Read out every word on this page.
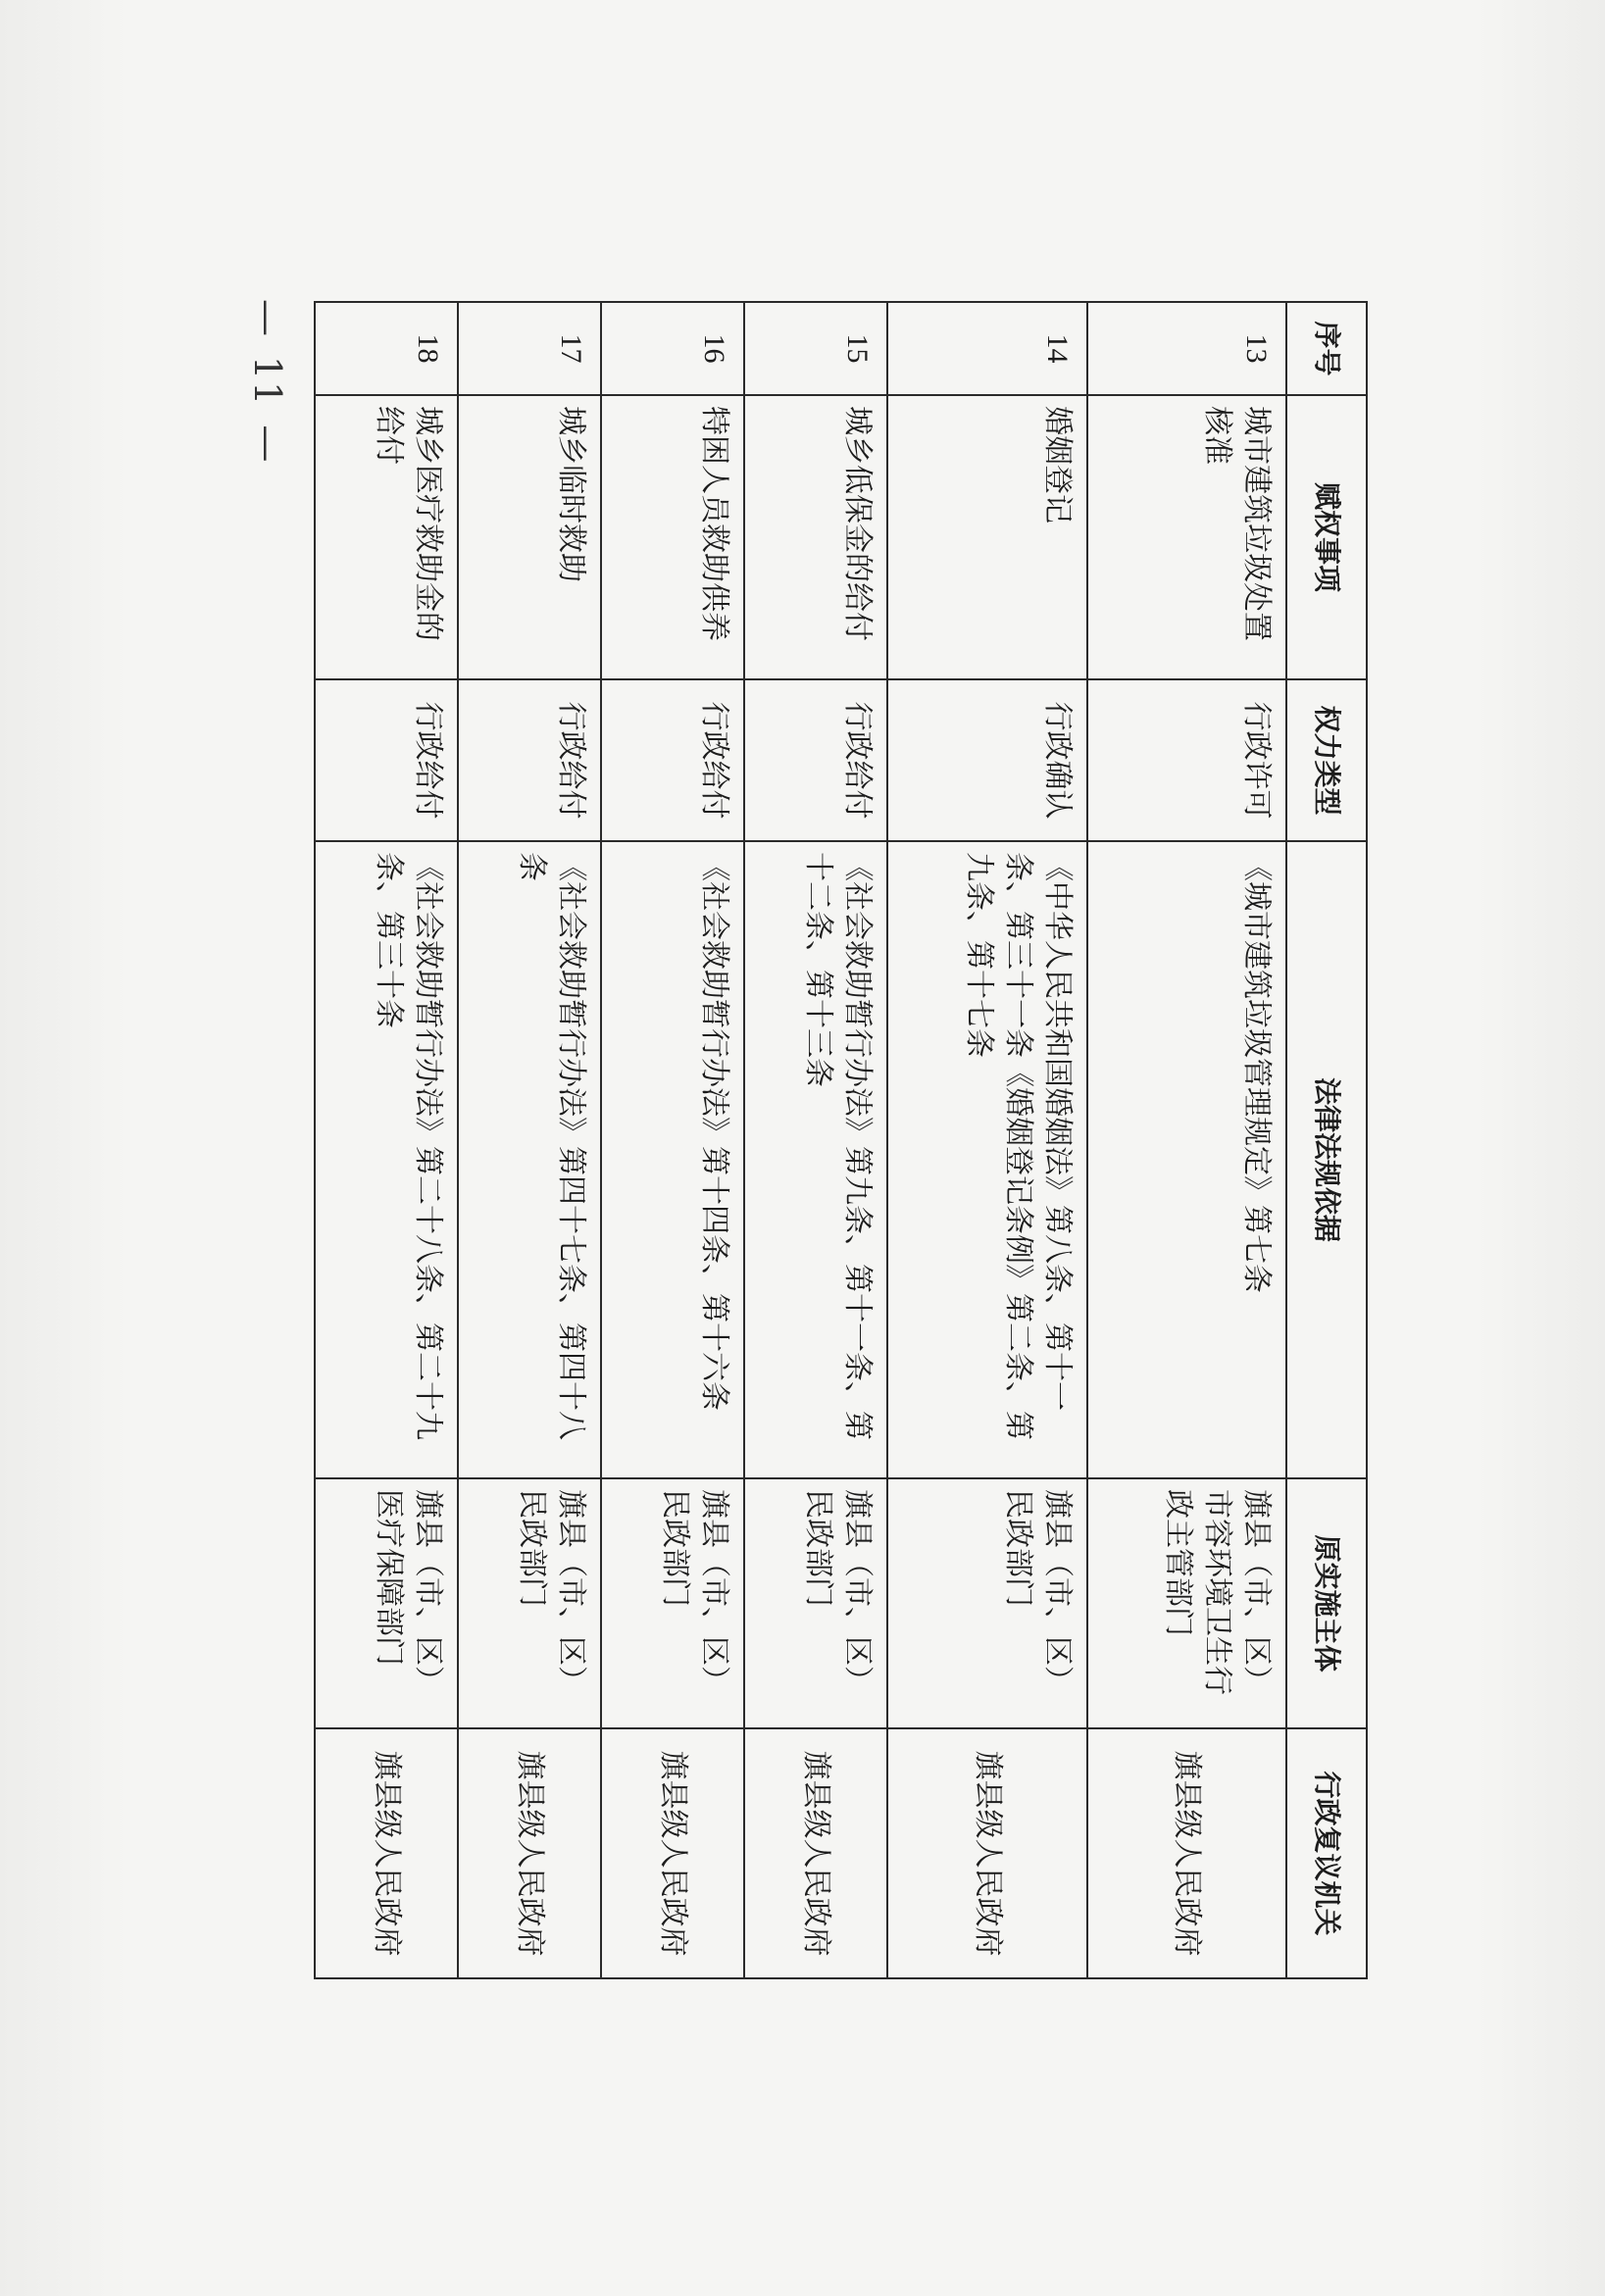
序号	赋权事项	权力类型	法律法规依据	原实施主体	行政复议机关
13	城市建筑垃圾处置核准	行政许可	《城市建筑垃圾管理规定》第七条	旗县（市、区）市容环境卫生行政主管部门	旗县级人民政府
14	婚姻登记	行政确认	《中华人民共和国婚姻法》第八条、第十一条、第三十一条《婚姻登记条例》第二条、第九条、第十七条	旗县（市、区）民政部门	旗县级人民政府
15	城乡低保金的给付	行政给付	《社会救助暂行办法》第九条、第十一条、第十二条、第十三条	旗县（市、区）民政部门	旗县级人民政府
16	特困人员救助供养	行政给付	《社会救助暂行办法》第十四条、第十六条	旗县（市、区）民政部门	旗县级人民政府
17	城乡临时救助	行政给付	《社会救助暂行办法》第四十七条、第四十八条	旗县（市、区）民政部门	旗县级人民政府
18	城乡医疗救助金的给付	行政给付	《社会救助暂行办法》第二十八条、第二十九条、第三十条	旗县（市、区）医疗保障部门	旗县级人民政府
—11—
